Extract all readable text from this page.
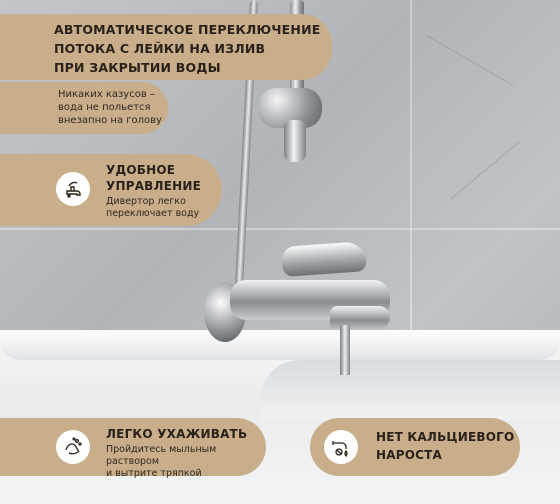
АВТОМАТИЧЕСКОЕ ПЕРЕКЛЮЧЕНИЕ
ПОТОКА С ЛЕЙКИ НА ИЗЛИВ
ПРИ ЗАКРЫТИИ ВОДЫ
Никаких казусов –
вода не польется
внезапно на голову
УДОБНОЕ
УПРАВЛЕНИЕ
Дивертор легко
переключает воду
ЛЕГКО УХАЖИВАТЬ
Пройдитесь мыльным раствором
и вытрите тряпкой
НЕТ КАЛЬЦИЕВОГО
НАРОСТА
